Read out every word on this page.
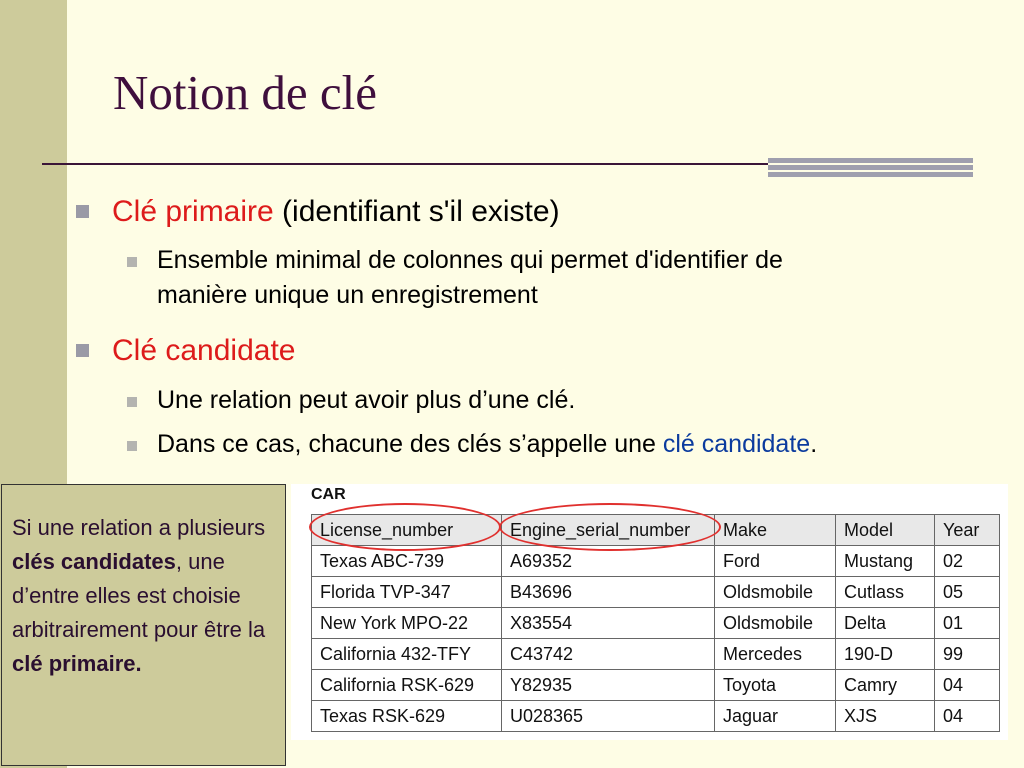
Notion de clé
Clé primaire (identifiant s'il existe)
Ensemble minimal de colonnes qui permet d'identifier de
manière unique un enregistrement
Clé candidate
Une relation peut avoir plus d’une clé.
Dans ce cas, chacune des clés s’appelle une clé candidate.
Si une relation a plusieurs clés candidates, une d’entre elles est choisie arbitrairement pour être la clé primaire.
CAR
License_number	Engine_serial_number	Make	Model	Year
Texas ABC-739	A69352	Ford	Mustang	02
Florida TVP-347	B43696	Oldsmobile	Cutlass	05
New York MPO-22	X83554	Oldsmobile	Delta	01
California 432-TFY	C43742	Mercedes	190-D	99
California RSK-629	Y82935	Toyota	Camry	04
Texas RSK-629	U028365	Jaguar	XJS	04
